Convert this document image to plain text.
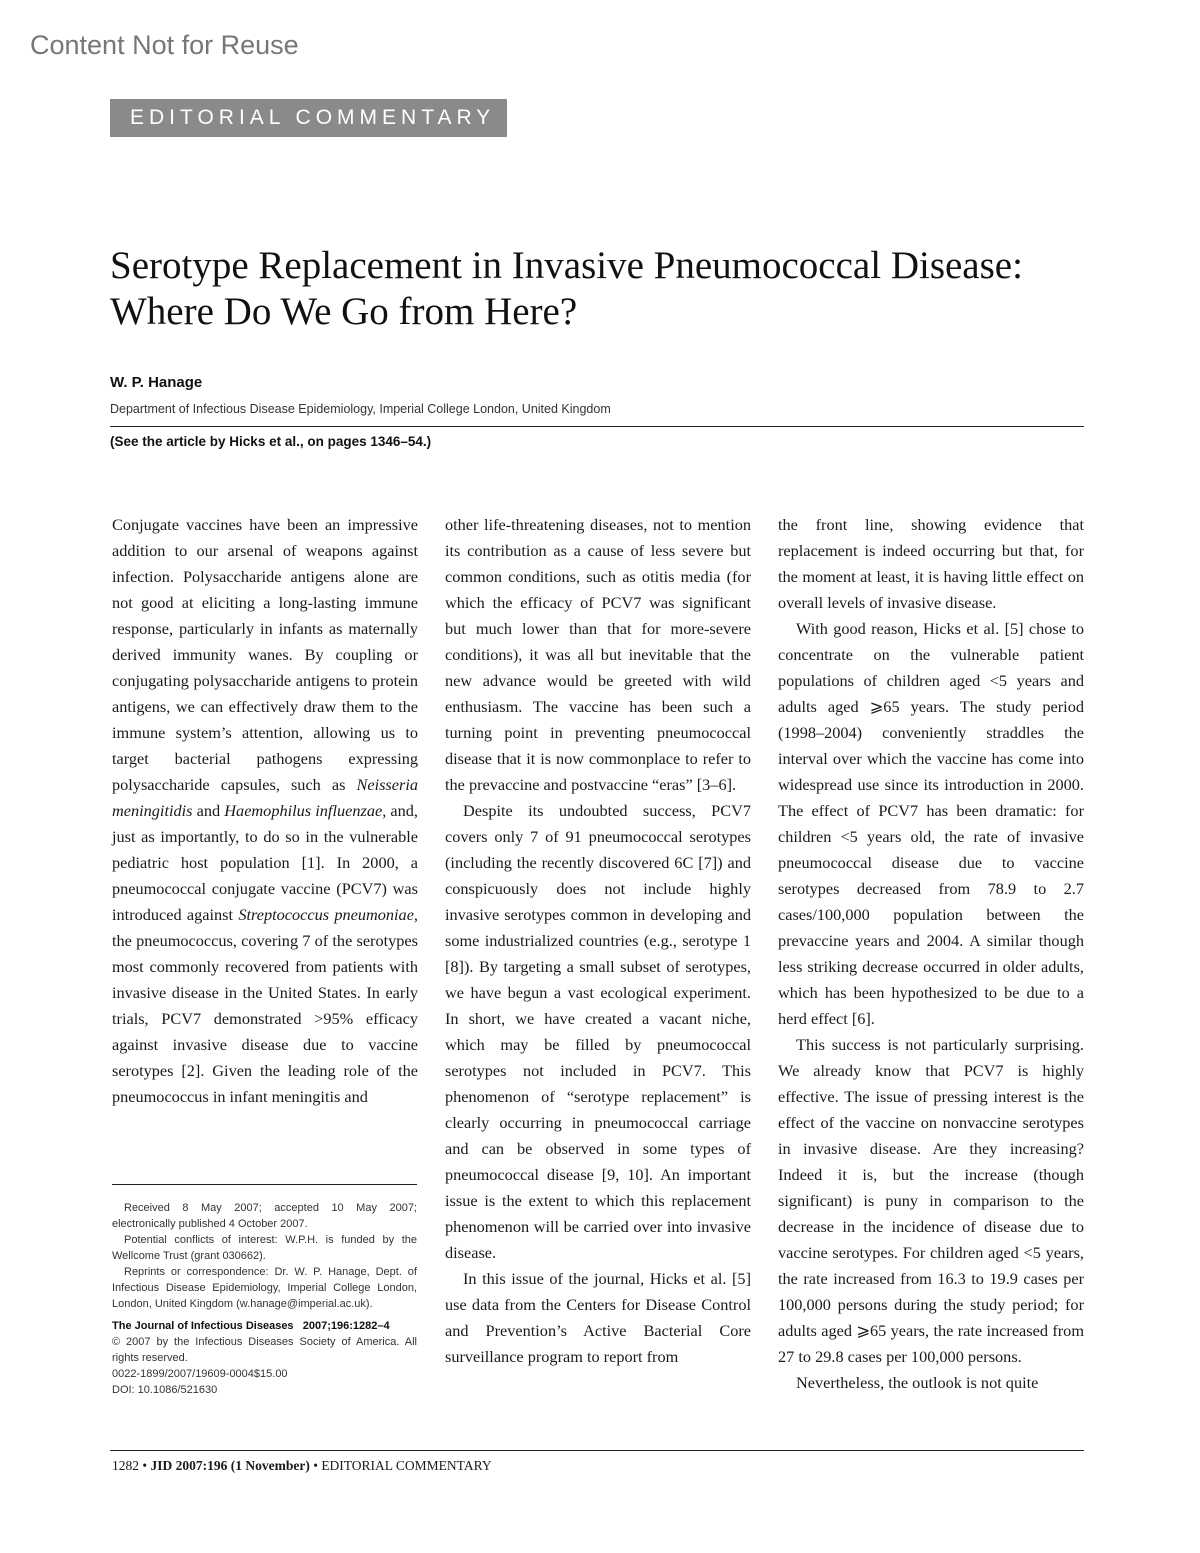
Content Not for Reuse
EDITORIAL COMMENTARY
Serotype Replacement in Invasive Pneumococcal Disease:
Where Do We Go from Here?
W. P. Hanage
Department of Infectious Disease Epidemiology, Imperial College London, United Kingdom
(See the article by Hicks et al., on pages 1346–54.)

Conjugate vaccines have been an impressive addition to our arsenal of weapons against infection. Polysaccharide antigens alone are not good at eliciting a long-lasting immune response, particularly in infants as maternally derived immunity wanes. By coupling or conjugating polysaccharide antigens to protein antigens, we can effectively draw them to the immune system’s attention, allowing us to target bacterial pathogens expressing polysaccharide capsules, such as Neisseria meningitidis and Haemophilus influenzae, and, just as importantly, to do so in the vulnerable pediatric host population [1]. In 2000, a pneumococcal conjugate vaccine (PCV7) was introduced against Streptococcus pneumoniae, the pneumococcus, covering 7 of the serotypes most commonly recovered from patients with invasive disease in the United States. In early trials, PCV7 demonstrated >95% efficacy against invasive disease due to vaccine serotypes [2]. Given the leading role of the pneumococcus in infant meningitis and

Received 8 May 2007; accepted 10 May 2007; electronically published 4 October 2007.

Potential conflicts of interest: W.P.H. is funded by the Wellcome Trust (grant 030662).

Reprints or correspondence: Dr. W. P. Hanage, Dept. of Infectious Disease Epidemiology, Imperial College London, London, United Kingdom (w.hanage@imperial.ac.uk).

The Journal of Infectious Diseases 2007;196:1282–4

© 2007 by the Infectious Diseases Society of America. All rights reserved.

0022-1899/2007/19609-0004$15.00

DOI: 10.1086/521630

other life-threatening diseases, not to mention its contribution as a cause of less severe but common conditions, such as otitis media (for which the efficacy of PCV7 was significant but much lower than that for more-severe conditions), it was all but inevitable that the new advance would be greeted with wild enthusiasm. The vaccine has been such a turning point in preventing pneumococcal disease that it is now commonplace to refer to the prevaccine and postvaccine “eras” [3–6].

Despite its undoubted success, PCV7 covers only 7 of 91 pneumococcal serotypes (including the recently discovered 6C [7]) and conspicuously does not include highly invasive serotypes common in developing and some industrialized countries (e.g., serotype 1 [8]). By targeting a small subset of serotypes, we have begun a vast ecological experiment. In short, we have created a vacant niche, which may be filled by pneumococcal serotypes not included in PCV7. This phenomenon of “serotype replacement” is clearly occurring in pneumococcal carriage and can be observed in some types of pneumococcal disease [9, 10]. An important issue is the extent to which this replacement phenomenon will be carried over into invasive disease.

In this issue of the journal, Hicks et al. [5] use data from the Centers for Disease Control and Prevention’s Active Bacterial Core surveillance program to report from

the front line, showing evidence that replacement is indeed occurring but that, for the moment at least, it is having little effect on overall levels of invasive disease.

With good reason, Hicks et al. [5] chose to concentrate on the vulnerable patient populations of children aged <5 years and adults aged ⩾65 years. The study period (1998–2004) conveniently straddles the interval over which the vaccine has come into widespread use since its introduction in 2000. The effect of PCV7 has been dramatic: for children <5 years old, the rate of invasive pneumococcal disease due to vaccine serotypes decreased from 78.9 to 2.7 cases/100,000 population between the prevaccine years and 2004. A similar though less striking decrease occurred in older adults, which has been hypothesized to be due to a herd effect [6].

This success is not particularly surprising. We already know that PCV7 is highly effective. The issue of pressing interest is the effect of the vaccine on nonvaccine serotypes in invasive disease. Are they increasing? Indeed it is, but the increase (though significant) is puny in comparison to the decrease in the incidence of disease due to vaccine serotypes. For children aged <5 years, the rate increased from 16.3 to 19.9 cases per 100,000 persons during the study period; for adults aged ⩾65 years, the rate increased from 27 to 29.8 cases per 100,000 persons.

Nevertheless, the outlook is not quite

1282 • JID 2007:196 (1 November) • EDITORIAL COMMENTARY
